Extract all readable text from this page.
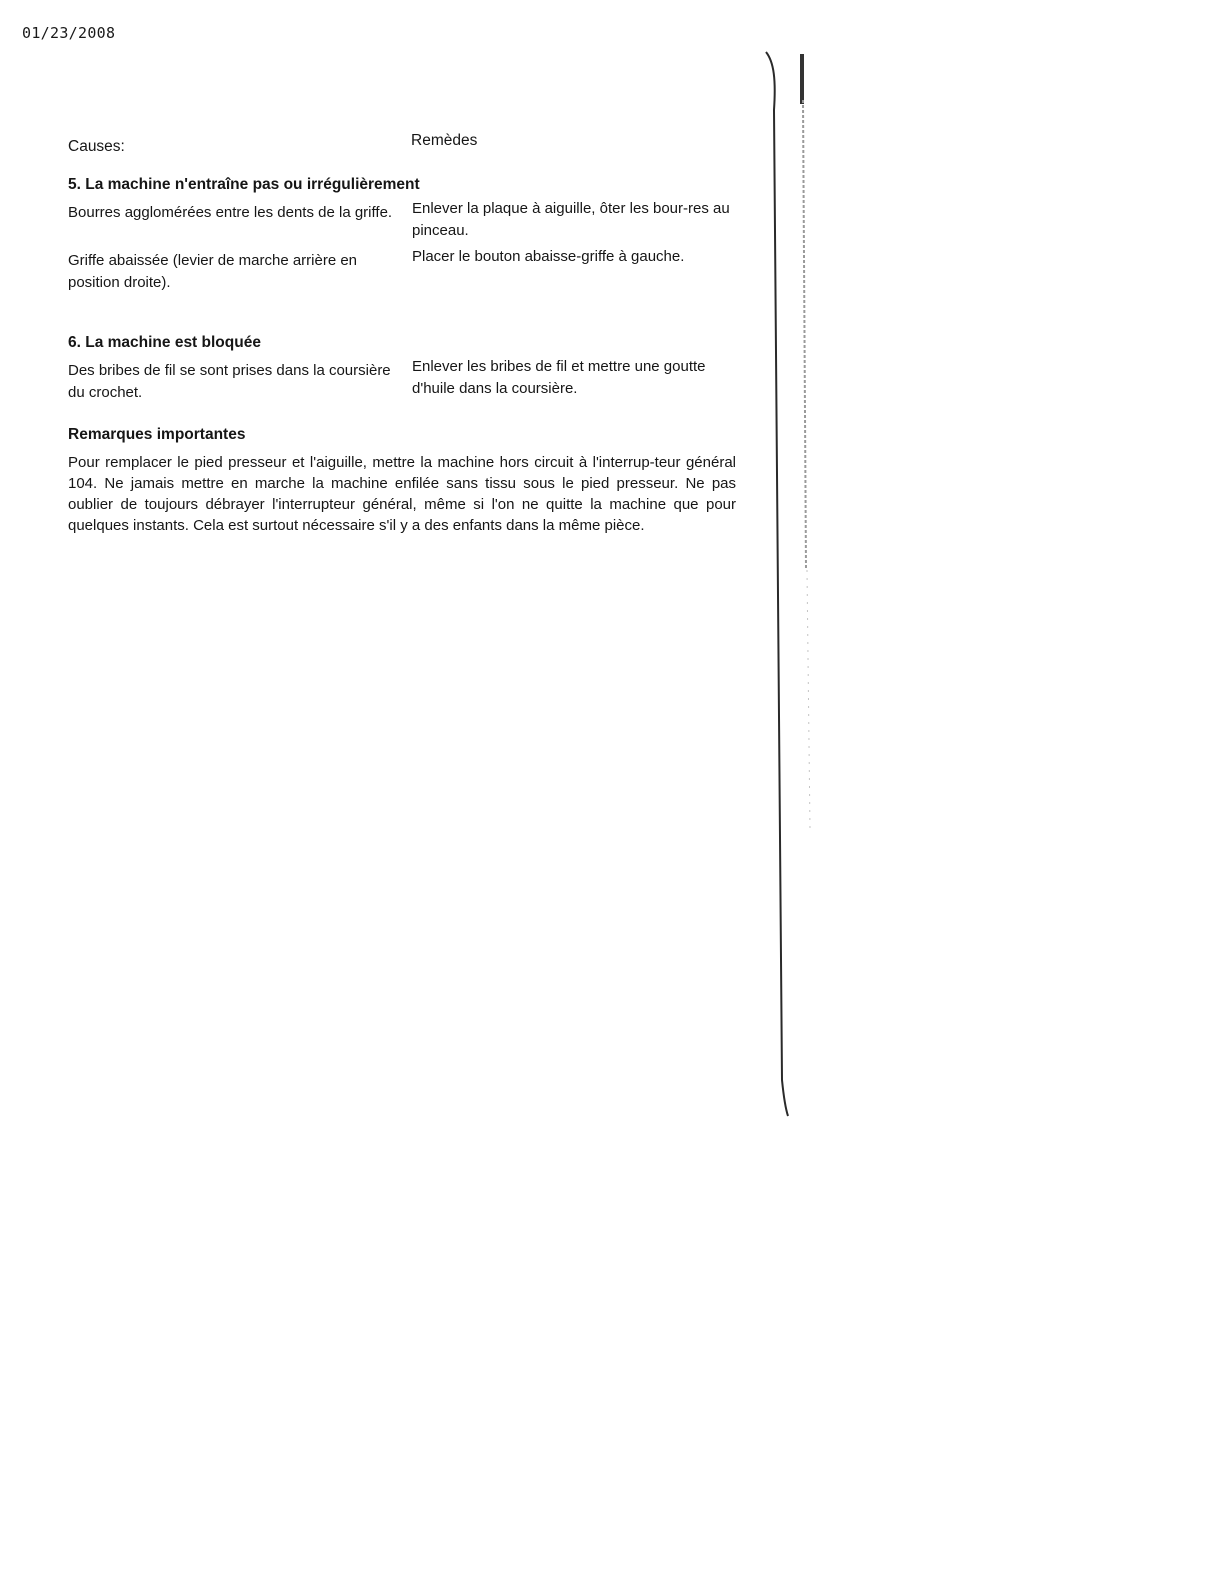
01/23/2008
Causes:	Remèdes
5. La machine n'entraîne pas ou irrégulièrement
Bourres agglomérées entre les dents de la griffe.	Enlever la plaque à aiguille, ôter les bour-res au pinceau.
Griffe abaissée (levier de marche arrière en position droite).
Placer le bouton abaisse-griffe à gauche.
6. La machine est bloquée
Des bribes de fil se sont prises dans la coursière du crochet.
Enlever les bribes de fil et mettre une goutte d'huile dans la coursière.
Remarques importantes
Pour remplacer le pied presseur et l'aiguille, mettre la machine hors circuit à l'interrup-teur général 104. Ne jamais mettre en marche la machine enfilée sans tissu sous le pied presseur. Ne pas oublier de toujours débrayer l'interrupteur général, même si l'on ne quitte la machine que pour quelques instants. Cela est surtout nécessaire s'il y a des enfants dans la même pièce.
